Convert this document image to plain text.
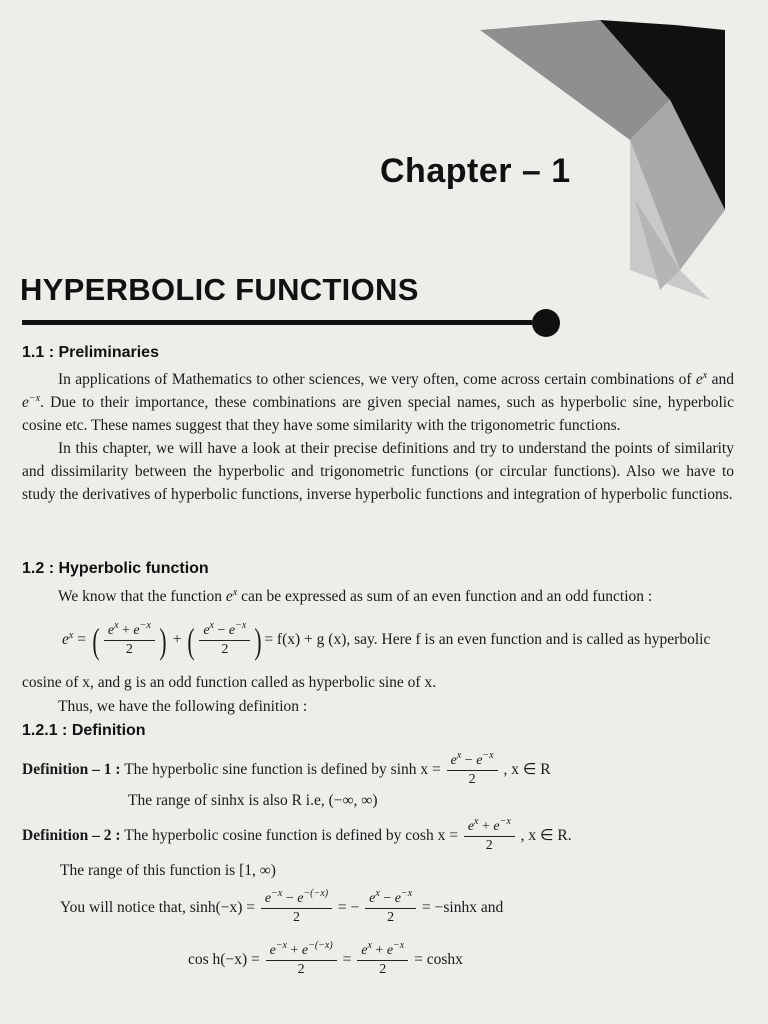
Chapter – 1
HYPERBOLIC FUNCTIONS
1.1 : Preliminaries

In applications of Mathematics to other sciences, we very often, come across certain combinations of $e^x$ and $e^{-x}$. Due to their importance, these combinations are given special names, such as hyperbolic sine, hyperbolic cosine etc. These names suggest that they have some similarity with the trigonometric functions.

In this chapter, we will have a look at their precise definitions and try to understand the points of similarity and dissimilarity between the hyperbolic and trigonometric functions (or circular functions). Also we have to study the derivatives of hyperbolic functions, inverse hyperbolic functions and integration of hyperbolic functions.

1.2 : Hyperbolic function
We know that the function $e^x$ can be expressed as sum of an even function and an odd function :
$e^x$ = ( $\frac{e^x + e^{-x}}{2}$ ) + ( $\frac{e^x - e^{-x}}{2}$ ) = f(x) + g (x), say. Here f is an even function and is called as hyperbolic
cosine of x, and g is an odd function called as hyperbolic sine of x.
Thus, we have the following definition :
1.2.1 : Definition
Definition – 1 : The hyperbolic sine function is defined by $\sinh x = \frac{e^x - e^{-x}}{2}$ , x ∈ R
The range of sinhx is also R i.e, (−∞, ∞)
Definition – 2 : The hyperbolic cosine function is defined by $\cosh x = \frac{e^x + e^{-x}}{2}$ , x ∈ R.
The range of this function is [1, ∞)
You will notice that, $\sinh(-x) = \frac{e^{-x} - e^{-(-x)}}{2}$ = − $\frac{e^x - e^{-x}}{2} = -\sinh x$ and
$\cos h(-x) = \frac{e^{-x} + e^{-(-x)}}{2} = \frac{e^x + e^{-x}}{2} = \cosh x$
